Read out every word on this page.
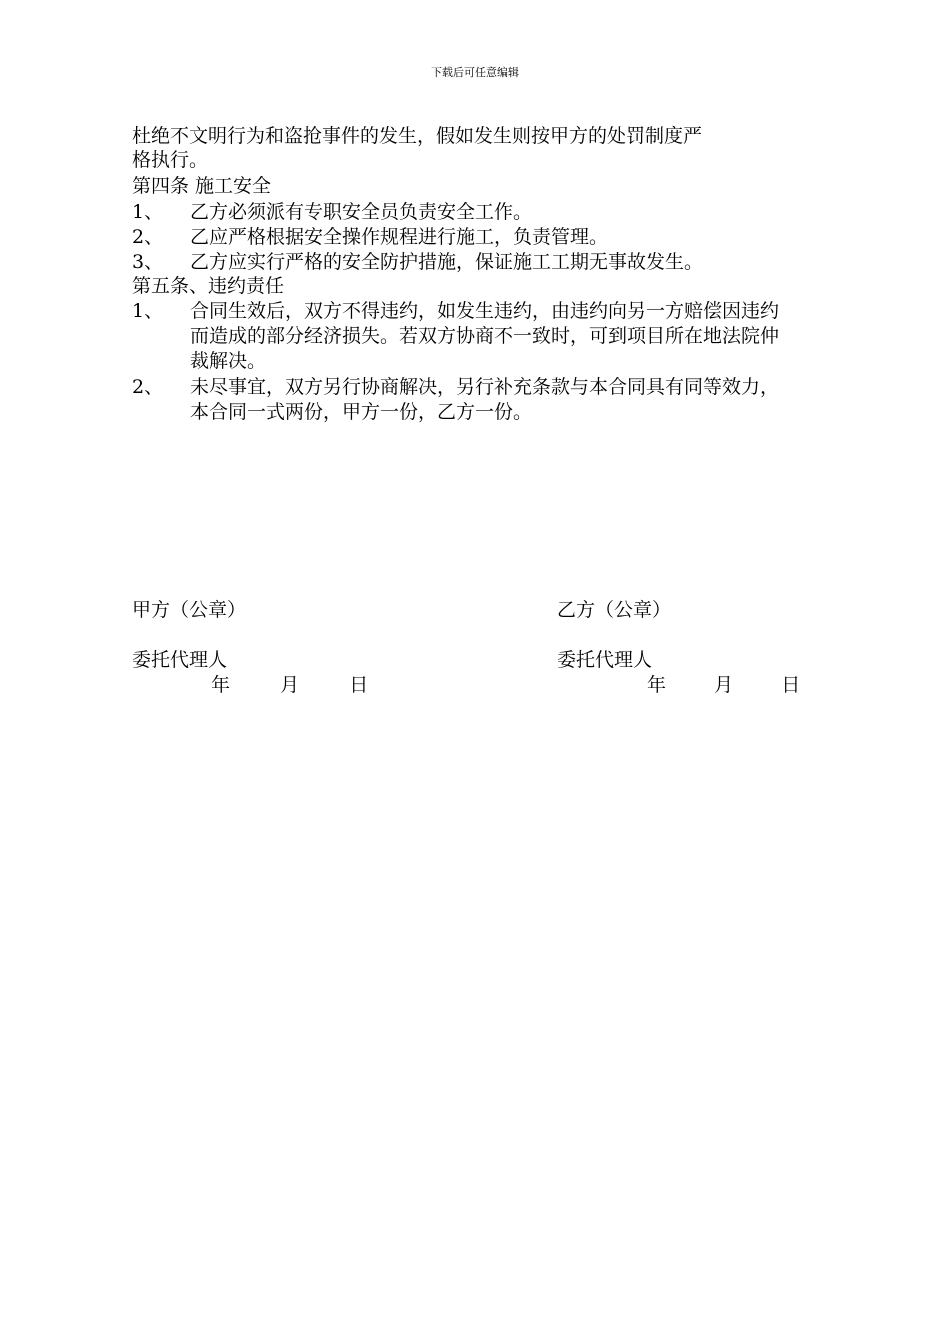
下载后可任意编辑
杜绝不文明行为和盗抢事件的发生，假如发生则按甲方的处罚制度严
格执行。
第四条 施工安全
1、	乙方必须派有专职安全员负责安全工作。
2、	乙应严格根据安全操作规程进行施工，负责管理。
3、	乙方应实行严格的安全防护措施，保证施工工期无事故发生。
第五条、违约责任
1、	合同生效后，双方不得违约，如发生违约，由违约向另一方赔偿因违约
而造成的部分经济损失。若双方协商不一致时，可到项目所在地法院仲
裁解决。
2、	未尽事宜，双方另行协商解决，另行补充条款与本合同具有同等效力，
本合同一式两份，甲方一份，乙方一份。
甲方（公章）
委托代理人
年	月	日
乙方（公章）
委托代理人
年	月	日
